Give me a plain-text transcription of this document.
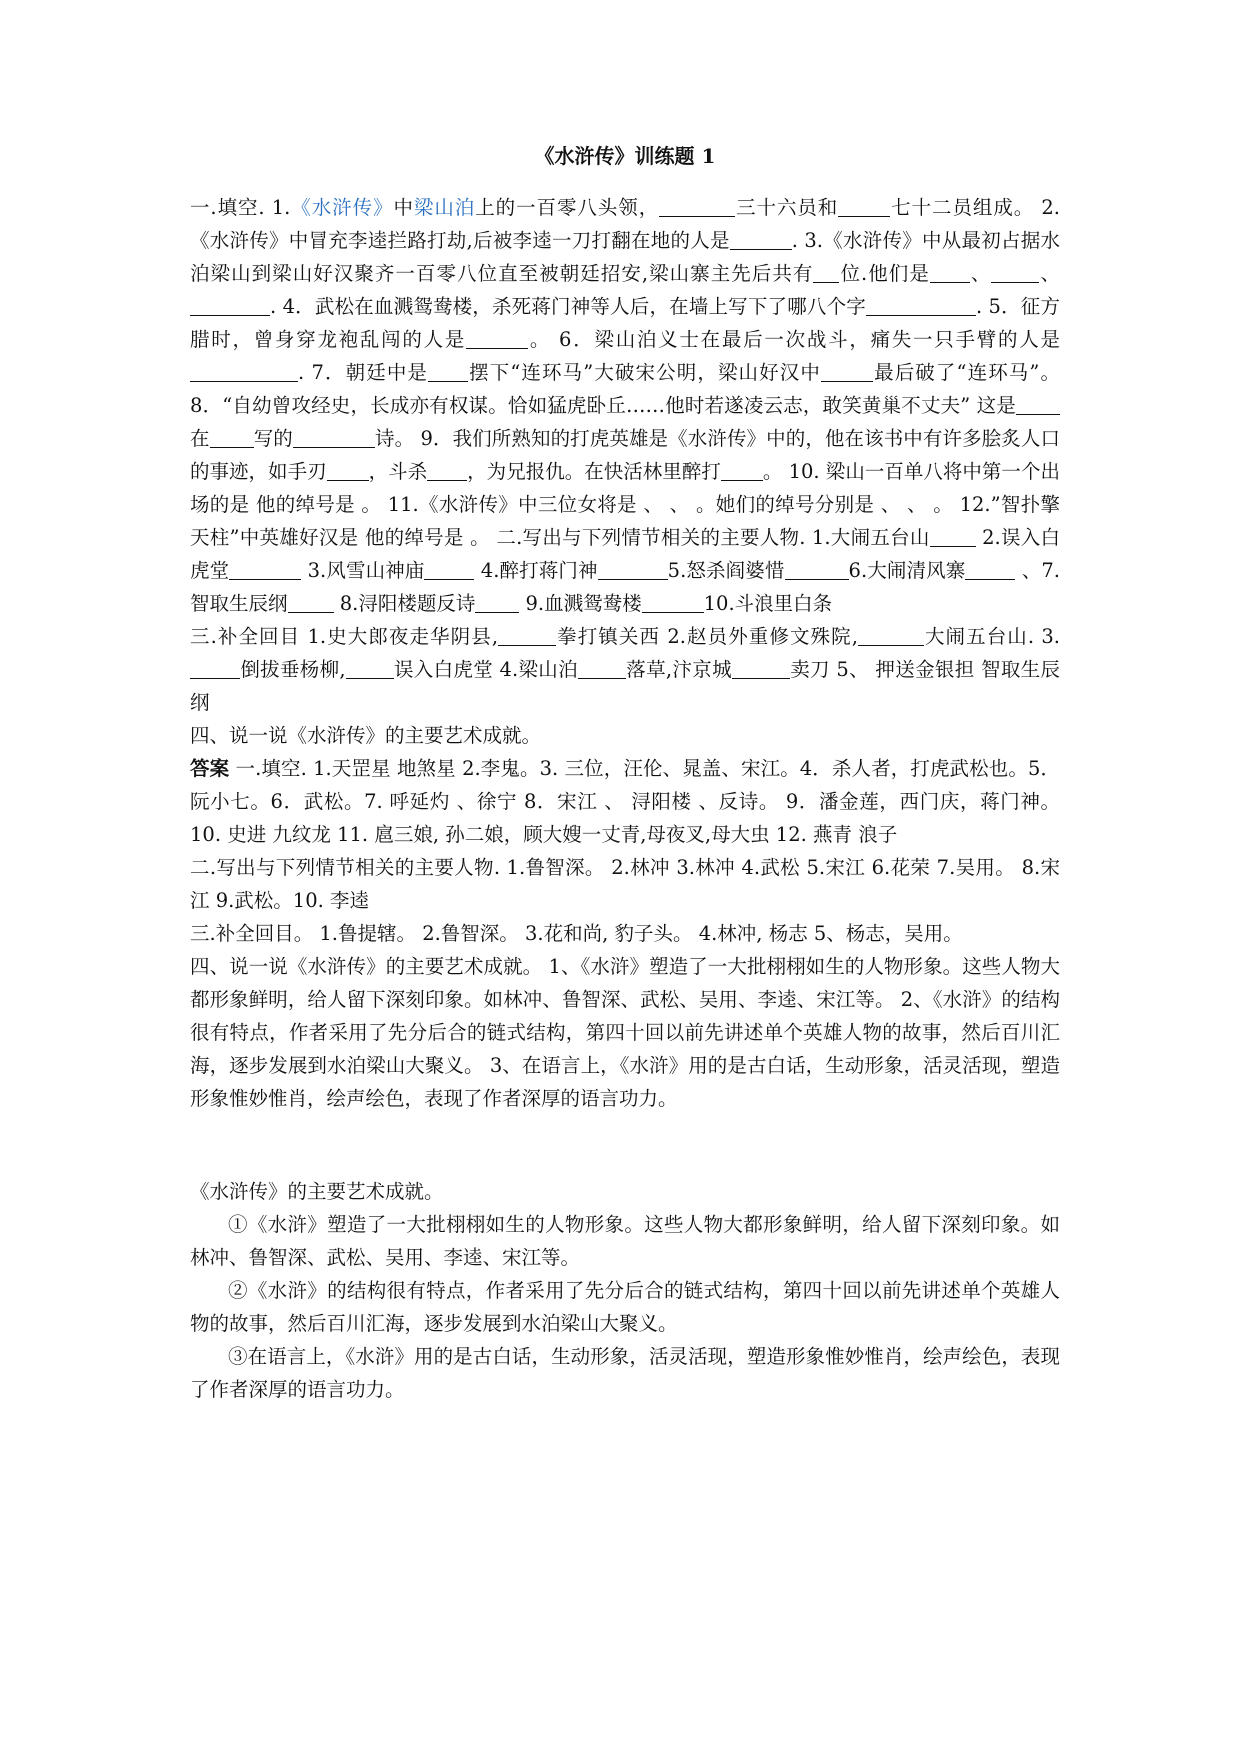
《水浒传》训练题 1

一.填空. 1.《水浒传》中梁山泊上的一百零八头领，	三十六员和	七十二员组成。 2. 《水浒传》中冒充李逵拦路打劫,后被李逵一刀打翻在地的人是	. 3.《水浒传》中从最初占据水泊梁山到梁山好汉聚齐一百零八位直至被朝廷招安,梁山寨主先后共有 位.他们是 、 、. 4．武松在血溅鸳鸯楼，杀死蒋门神等人后，在墙上写下了哪八个字	. 5．征方腊时，曾身穿龙袍乱闯的人是	。 6．梁山泊义士在最后一次战斗，痛失一只手臂的人是. 7．朝廷中是 摆下“连环马”大破宋公明，梁山好汉中	最后破了“连环马”。 8．“自幼曾攻经史，长成亦有权谋。恰如猛虎卧丘……他时若遂凌云志，敢笑黄巢不丈夫” 这是在 写的	诗。 9．我们所熟知的打虎英雄是《水浒传》中的，他在该书中有许多脍炙人口的事迹，如手刃 ，斗杀 ，为兄报仇。在快活林里醉打 。 10. 梁山一百单八将中第一个出场的是 他的绰号是 。 11.《水浒传》中三位女将是 、 、 。她们的绰号分别是 、 、 。 12.”智扑擎天柱”中英雄好汉是 他的绰号是 。 二.写出与下列情节相关的主要人物. 1.大闹五台山 2.误入白虎堂	3.风雪山神庙	4.醉打蒋门神	5.怒杀阎婆惜	6.大闹清风寨	、7.智取生辰纲 8.浔阳楼题反诗 9.血溅鸳鸯楼	10.斗浪里白条

三.补全回目 1.史大郎夜走华阴县,	拳打镇关西 2.赵员外重修文殊院,	大闹五台山. 3.倒拔垂杨柳, 误入白虎堂 4.梁山泊 落草,汴京城	卖刀 5、 押送金银担 智取生辰纲

四、说一说《水浒传》的主要艺术成就。

答案 一.填空. 1.天罡星 地煞星 2.李鬼。3. 三位，汪伦、晁盖、宋江。4．杀人者，打虎武松也。5．阮小七。6．武松。7. 呼延灼 、徐宁 8．宋江 、 浔阳楼 、反诗。 9．潘金莲，西门庆，蒋门神。10. 史进 九纹龙 11. 扈三娘, 孙二娘，顾大嫂一丈青,母夜叉,母大虫 12. 燕青 浪子

二.写出与下列情节相关的主要人物. 1.鲁智深。 2.林冲 3.林冲 4.武松 5.宋江 6.花荣 7.吴用。 8.宋江 9.武松。10. 李逵

三.补全回目。 1.鲁提辖。 2.鲁智深。 3.花和尚, 豹子头。 4.林冲, 杨志 5、杨志，吴用。

四、说一说《水浒传》的主要艺术成就。 1、《水浒》塑造了一大批栩栩如生的人物形象。这些人物大都形象鲜明，给人留下深刻印象。如林冲、鲁智深、武松、吴用、李逵、宋江等。 2、《水浒》的结构很有特点，作者采用了先分后合的链式结构，第四十回以前先讲述单个英雄人物的故事，然后百川汇海，逐步发展到水泊梁山大聚义。 3、在语言上，《水浒》用的是古白话，生动形象，活灵活现，塑造形象惟妙惟肖，绘声绘色，表现了作者深厚的语言功力。

《水浒传》的主要艺术成就。

①《水浒》塑造了一大批栩栩如生的人物形象。这些人物大都形象鲜明，给人留下深刻印象。如林冲、鲁智深、武松、吴用、李逵、宋江等。

②《水浒》的结构很有特点，作者采用了先分后合的链式结构，第四十回以前先讲述单个英雄人物的故事，然后百川汇海，逐步发展到水泊梁山大聚义。

③在语言上，《水浒》用的是古白话，生动形象，活灵活现，塑造形象惟妙惟肖，绘声绘色，表现了作者深厚的语言功力。
